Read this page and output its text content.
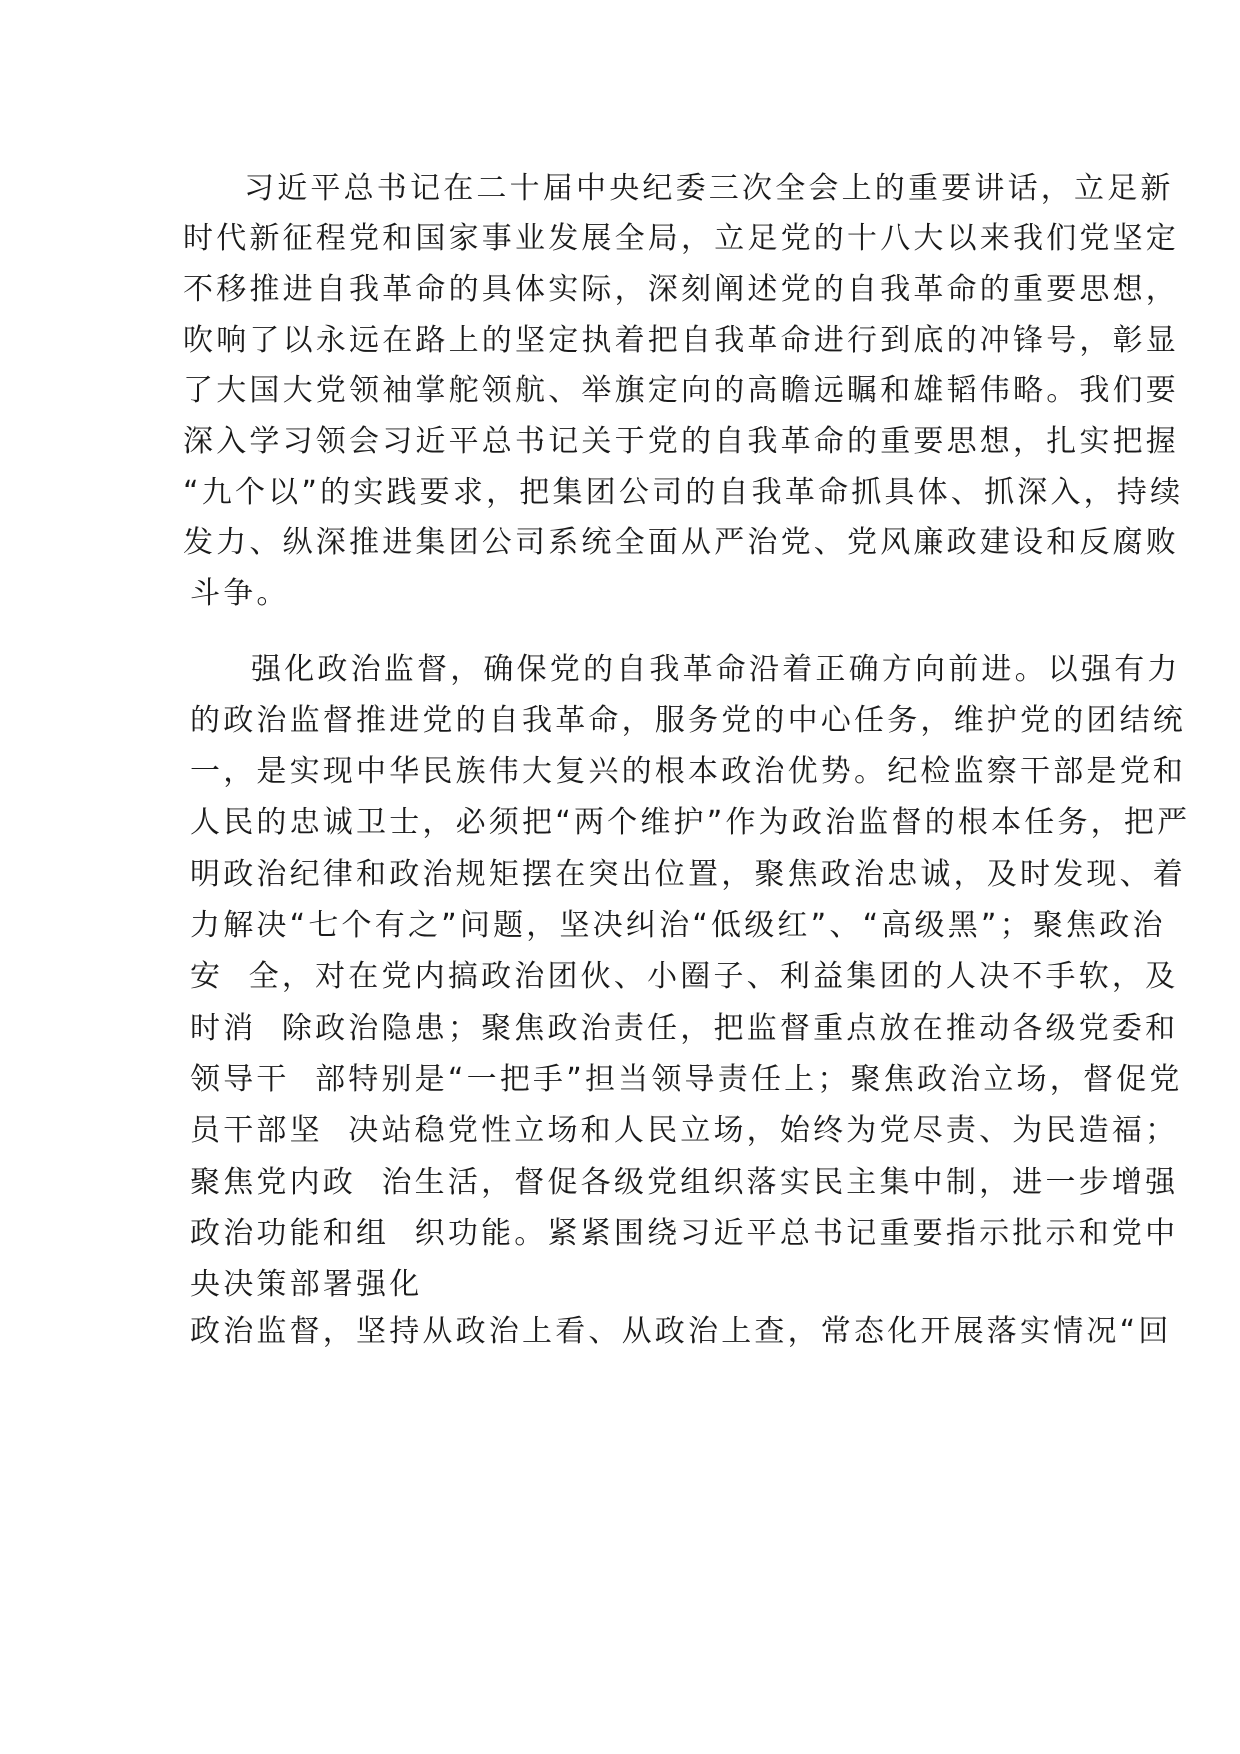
习近平总书记在二十届中央纪委三次全会上的重要讲话，立足新
时代新征程党和国家事业发展全局，立足党的十八大以来我们党坚定
不移推进自我革命的具体实际，深刻阐述党的自我革命的重要思想，
吹响了以永远在路上的坚定执着把自我革命进行到底的冲锋号，彰显
了大国大党领袖掌舵领航、举旗定向的高瞻远瞩和雄韬伟略。我们要
深入学习领会习近平总书记关于党的自我革命的重要思想，扎实把握
“九个以”的实践要求，把集团公司的自我革命抓具体、抓深入，持续
发力、纵深推进集团公司系统全面从严治党、党风廉政建设和反腐败
斗争。
强化政治监督，确保党的自我革命沿着正确方向前进。以强有力
的政治监督推进党的自我革命，服务党的中心任务，维护党的团结统
一，是实现中华民族伟大复兴的根本政治优势。纪检监察干部是党和
人民的忠诚卫士，必须把“两个维护”作为政治监督的根本任务，把严
明政治纪律和政治规矩摆在突出位置，聚焦政治忠诚，及时发现、着
力解决“七个有之”问题，坚决纠治“低级红”、“高级黑”；聚焦政治
安  全，对在党内搞政治团伙、小圈子、利益集团的人决不手软，及
时消  除政治隐患；聚焦政治责任，把监督重点放在推动各级党委和
领导干  部特别是“一把手”担当领导责任上；聚焦政治立场，督促党
员干部坚  决站稳党性立场和人民立场，始终为党尽责、为民造福；
聚焦党内政  治生活，督促各级党组织落实民主集中制，进一步增强
政治功能和组  织功能。紧紧围绕习近平总书记重要指示批示和党中
央决策部署强化
政治监督，坚持从政治上看、从政治上查，常态化开展落实情况“回
